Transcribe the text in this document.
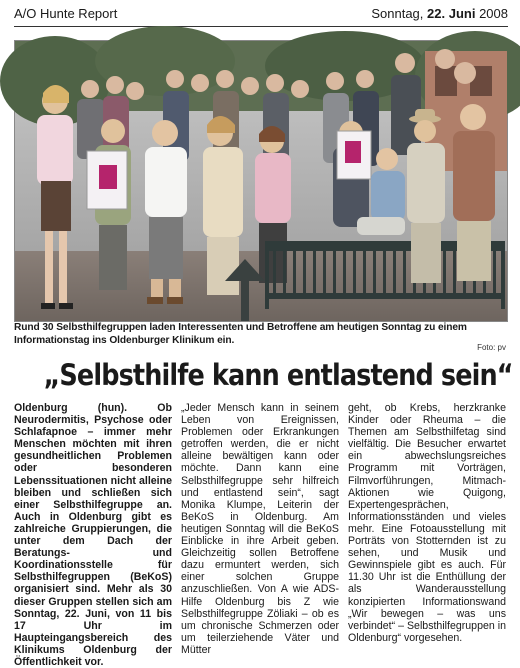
A/O Hunte Report	Sonntag, 22. Juni 2008
Rund 30 Selbsthilfegruppen laden Interessenten und Betroffene am heutigen Sonntag zu einem Informationstag ins Oldenburger Klinikum ein.
Foto: pv
„Selbsthilfe kann entlastend sein“

Oldenburg (hun). Ob Neurodermitis, Psychose oder Schlafapnoe – immer mehr Menschen möchten mit ihren gesundheitlichen Problemen oder besonderen Lebenssituationen nicht alleine bleiben und schließen sich einer Selbsthilfegruppe an. Auch in Oldenburg gibt es zahlreiche Gruppierungen, die unter dem Dach der Beratungs- und Koordinationsstelle für Selbsthilfegruppen (BeKoS) organisiert sind. Mehr als 30 dieser Gruppen stellen sich am Sonntag, 22. Juni, von 11 bis 17 Uhr im Haupteingangsbereich des Klinikums Oldenburg der Öffentlichkeit vor.

„Jeder Mensch kann in seinem Leben von Ereignissen, Problemen oder Erkrankungen getroffen werden, die er nicht alleine bewältigen kann oder möchte. Dann kann eine Selbsthilfegruppe sehr hilfreich und entlastend sein“, sagt Monika Klumpe, Leiterin der BeKoS in Oldenburg. Am heutigen Sonntag will die BeKoS Einblicke in ihre Arbeit geben. Gleichzeitig sollen Betroffene dazu ermuntert werden, sich einer solchen Gruppe anzuschließen. Von A wie ADS-Hilfe Oldenburg bis Z wie Selbsthilfegruppe Zöliaki – ob es um chronische Schmerzen oder um teilerziehende Väter und Mütter

geht, ob Krebs, herzkranke Kinder oder Rheuma – die Themen am Selbsthilfetag sind vielfältig. Die Besucher erwartet ein abwechslungsreiches Programm mit Vorträgen, Filmvorführungen, Mitmach-Aktionen wie Quigong, Expertengesprächen, Informationsständen und vieles mehr. Eine Fotoausstellung mit Porträts von Stotternden ist zu sehen, und Musik und Gewinnspiele gibt es auch. Für 11.30 Uhr ist die Enthüllung der als Wanderausstellung konzipierten Informationswand „Wir bewegen – was uns verbindet“ – Selbsthilfegruppen in Oldenburg“ vorgesehen.
